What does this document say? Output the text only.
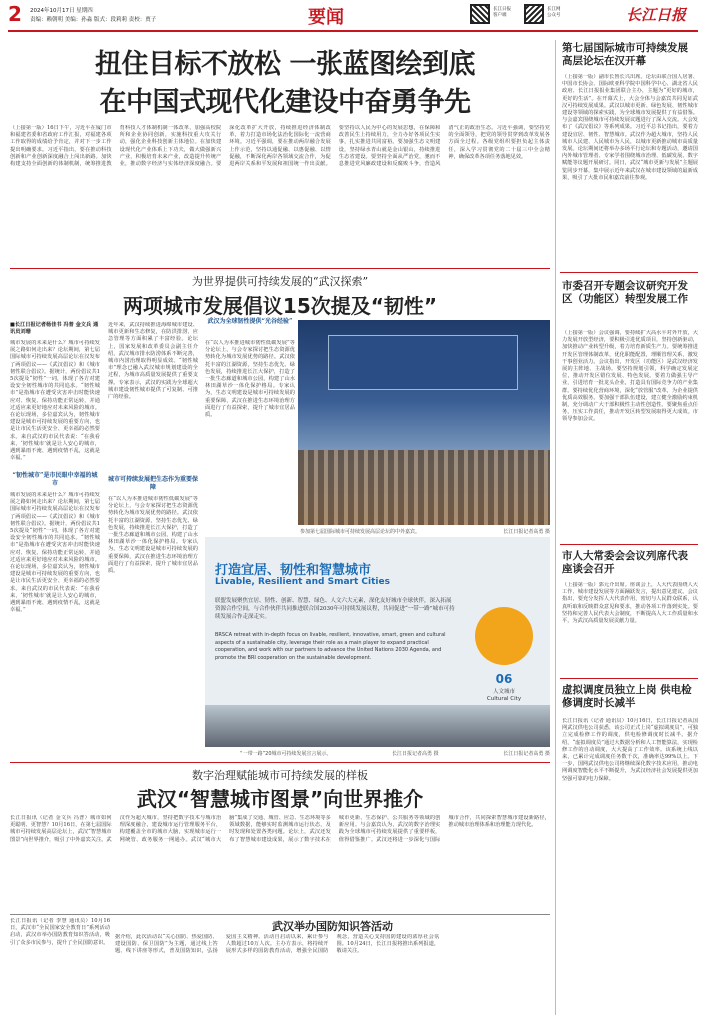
2 2024年10月17日 星期四
责编：赖朝明 美编：孙淼 版式：段莉莉 责校：贾子	要闻	长江日报
客户端
长江网
公众号	长江日报
扭住目标不放松 一张蓝图绘到底
在中国式现代化建设中奋勇争先
（上接第一版）16日下午，习近平在厦门市和福建省委和省政府工作汇报，对福建各项工作取得的成绩给予肯定，并对下一步工作提出明确要求。习近平指出，要在推动科技创新和产业创新深度融合上闯出新路。加快构建支持全面创新的体制机制，统筹推进教育科技人才体制机制一体改革，加强高校院所和企业协同创新，实施科技重大攻关行动，强化企业科技创新主体地位。在加快建设现代化产业体系上下功夫，做大做强新兴产业，积极培育未来产业，改造提升传统产业，推动数字经济与实体经济深度融合。要深化改革扩大开放，持续推进经济体制改革，着力打造市场化法治化国际化一流营商环境。习近平强调，要在推动两岸融合发展上作示范，坚持以通促融、以惠促融、以情促融，不断深化两岸各领域交流合作，为促进两岸关系和平发展和祖国统一作出贡献。要坚持以人民为中心的发展思想，在保障和改善民生上持续用力，全力办好各项民生实事，扎实推进共同富裕。要加强生态文明建设，坚持绿水青山就是金山银山，持续推进生态省建设。要坚持全面从严治党，驰而不息推进党风廉政建设和反腐败斗争，营造风清气正的政治生态。习近平强调，要坚持党的全面领导，把党的领导贯穿到改革发展各方面全过程。各级党组织要担负起主体责任，深入学习贯彻党的二十届三中全会精神，确保改革各项任务落地见效。
第七届国际城市可持续发展高层论坛在汉开幕
（上接第一版）副市长鲁长兴出席。论坛由联合国人居署、中国市长协会、国际欧亚科学院中国科学中心、湖北省人民政府、长江日报报业集团联合主办，主题为“更好的城市，更好的生活”。在开幕式上，大会全体与会嘉宾共同见证武汉可持续发展成果。武汉以城市更新、绿色发展、韧性城市建设等领域的探索实践，为全球城市发展提供了有益借鉴。与会嘉宾围绕城市可持续发展议题进行了深入交流。大会发布了《武汉倡议》等系列成果。习近平总书记指出，要着力建设宜居、韧性、智慧城市。武汉作为超大城市，坚持人民城市人民建、人民城市为人民，以城市更新推动城市高质量发展。论坛期间还将举办多场平行论坛和专题活动，邀请国内外城市管理者、专家学者围绕城市治理、低碳发展、数字赋能等议题开展研讨。同日，武汉“城市更新与发展”主题展览同步开幕，集中展示近年来武汉在城市建设领域的最新成果，吸引了大批市民和嘉宾前往参观。
为世界提供可持续发展的“武汉探索”
两项城市发展倡议15次提及“韧性”
■长江日报记者杨佳书 冯普 金文兵 通讯员刘珊
城市发展的未来是什么？城市可持续发展之路如何走出来？论坛期间，第七届国际城市可持续发展高层论坛在汉发布了两项倡议——《武汉倡议》和《城市韧性联合倡议》。据统计，两份倡议共15次提及“韧性”一词，体现了各方对建设安全韧性城市的共同追求。“韧性城市”是指城市在遭受灾害冲击时能快速应对、恢复、保持功能正常运转，并通过适应来更好地应对未来风险的城市。在论坛现场，多位嘉宾认为，韧性城市建设是城市可持续发展的重要方向，也是让市民生活更安全、更幸福的必然要求。来自武汉的市民代表说：“在我看来，‘韧性城市’就是让人安心的城市，遇到暴雨不淹、遇到疫情不乱，这就是幸福。”
“韧性城市”是市民眼中幸福的城市
城市发展的未来是什么？城市可持续发展之路如何走出来？论坛期间，第七届国际城市可持续发展高层论坛在汉发布了两项倡议——《武汉倡议》和《城市韧性联合倡议》。据统计，两份倡议共15次提及“韧性”一词，体现了各方对建设安全韧性城市的共同追求。“韧性城市”是指城市在遭受灾害冲击时能快速应对、恢复、保持功能正常运转，并通过适应来更好地应对未来风险的城市。在论坛现场，多位嘉宾认为，韧性城市建设是城市可持续发展的重要方向，也是让市民生活更安全、更幸福的必然要求。来自武汉的市民代表说：“在我看来，‘韧性城市’就是让人安心的城市，遇到暴雨不淹、遇到疫情不乱，这就是幸福。”
近年来，武汉持续推进海绵城市建设、城市更新和生态修复，在防洪排涝、应急管理等方面积累了丰富经验。论坛上，国家发展和改革委员会副主任介绍，武汉城市排水防涝体系不断完善，城市内涝治理取得明显成效。“韧性城市”理念已融入武汉城市规划建设的全过程，为城市高质量发展提供了重要支撑。专家表示，武汉的实践为全球超大城市建设韧性城市提供了可复制、可推广的经验。
城市可持续发展把生态作为重要保障
在“以人为本推进城市韧性低碳发展”等分论坛上，与会专家探讨把生态资源优势转化为城市发展优势的路径。武汉依托丰富的江湖资源，坚持生态优先、绿色发展，持续推进长江大保护，打造了一批生态廊道和城市公园，构建了山水林田湖草沙一体化保护格局。专家认为，生态文明建设是城市可持续发展的重要保障，武汉在推进生态环境治理方面进行了有益探索，提升了城市宜居品质。
武汉为全球韧性提供“光谷经验”
在“以人为本推进城市韧性低碳发展”等分论坛上，与会专家探讨把生态资源优势转化为城市发展优势的路径。武汉依托丰富的江湖资源，坚持生态优先、绿色发展，持续推进长江大保护，打造了一批生态廊道和城市公园，构建了山水林田湖草沙一体化保护格局。专家认为，生态文明建设是城市可持续发展的重要保障，武汉在推进生态环境治理方面进行了有益探索，提升了城市宜居品质。
参加第七届国际城市可持续发展高层论坛的中外嘉宾。	长江日报记者高勇 摄
打造宜居、韧性和智慧城市
Livable, Resilient and Smart Cities
联盟发展聚焦宜居、韧性、创新、智慧、绿色、人文六大元素，深化友好城市全球伙伴，深入拓展资源合作空间，与合作伙伴共同推进联合国2030年可持续发展议程，共同促进“一带一路”城市可持续发展合作走深走实。
BRSCA retreat with in-depth focus on livable, resilient, innovative, smart, green and cultural aspects of a sustainable city, leverage their role as a main player to expand practical cooperation, and work with our partners to advance the United Nations 2030 Agenda, and promote the BRI cooperation on the sustainable development.
06
人文城市
Cultural City
“一带一路”20城市可持续发展宣言展示。	长江日报记者高勇 摄	长江日报记者高勇 摄
市委召开专题会议研究开发区（功能区）转型发展工作
（上接第一版）会议强调，要持续扩大高水平对外开放，大力发展开放型经济，要积极引进优质项目，坚持创新驱动，加快推动产业转型升级，着力培育新质生产力。要统筹推进开发区管理体制改革，优化职能配置，理顺管理关系，激发干事创业活力。会议指出，开发区（功能区）是武汉经济发展的主阵地、主战场。要坚持规划引领，科学确定发展定位，推动开发区错位发展、特色发展。要着力做强主导产业，引进培育一批龙头企业，打造具有国际竞争力的产业集群。要持续优化营商环境，深化“放管服”改革，为企业提供优质高效服务。要加强干部队伍建设，建立健全激励约束机制，充分调动广大干部积极性主动性创造性。要聚焦重点任务，压实工作责任，推动开发区转型发展取得更大成效。市领导参加会议。
市人大常委会会议列席代表座谈会召开
（上接第一版）郭元介出席。座谈会上，人大代表围绕人大工作、城市建设发展等方面踊跃发言，提出意见建议。会议指出，要充分发挥人大代表作用，密切与人民群众联系，认真听取和反映群众意见和要求，推动各项工作落到实处。要坚持和完善人民代表大会制度，不断提高人大工作质量和水平，为武汉高质量发展贡献力量。
虚拟调度员独立上岗 供电检修调度时长减半
长江日报讯（记者 通讯员）10月16日，长江日报记者从国网武汉供电公司获悉，该公司正式上岗“虚拟调度员”，可独立完成检修工作的调度，供电检修调度时长减半。据介绍，“虚拟调度员”通过大数据分析和人工智能算法，实现检修工作的自动调度，大大提高了工作效率。该系统上线以来，已累计完成调度任务数千次，准确率达99%以上。下一步，国网武汉供电公司将继续深化数字技术应用，推动电网调度智能化水平不断提升，为武汉经济社会发展提供更加坚强可靠的电力保障。
数字治理赋能城市可持续发展的样板
武汉“智慧城市图景”向世界推介
长江日报讯（记者 金文兵 冯普）城市如何更聪明、更智慧？10月16日，在第七届国际城市可持续发展高层论坛上，武汉“智慧城市图景”向世界推介，吸引了中外嘉宾关注。武汉作为超大城市，坚持把数字技术与城市治理深度融合，建设城市运行管理服务平台，构建覆盖全市的城市大脑，实现城市运行一网统管、政务服务一网通办。武汉“城市大脑”集成了交通、城管、应急、生态环境等多领域数据，能够实时监测城市运行状态，及时发现和处置各类问题。论坛上，武汉还发布了智慧城市建设成果，展示了数字技术在城市更新、生态保护、公共服务等领域的创新应用。与会嘉宾认为，武汉的数字治理实践为全球城市可持续发展提供了重要样板，值得借鉴推广。武汉还将进一步深化与国际城市合作，共同探索智慧城市建设新路径，推动城市治理体系和治理能力现代化。
长江日报讯（记者 李慧 通讯员）10月16日，武汉市“全民国家安全教育日”系列活动启动，武汉市举办国防教育知识答活动，吸引了众多市民参与，提升了全民国防意识。
武汉举办国防知识答活动
据介绍，此次活动以“关心国防、热爱国防、建设国防、保卫国防”为主题，通过线上答题、线下讲座等形式，普及国防知识，弘扬爱国主义精神。活动自启动以来，累计参与人数超过10万人次。主办方表示，将持续开展形式多样的国防教育活动，增强全民国防观念，营造关心支持国防建设的浓厚社会氛围。10月24日，长江日报将推出系列报道，敬请关注。
